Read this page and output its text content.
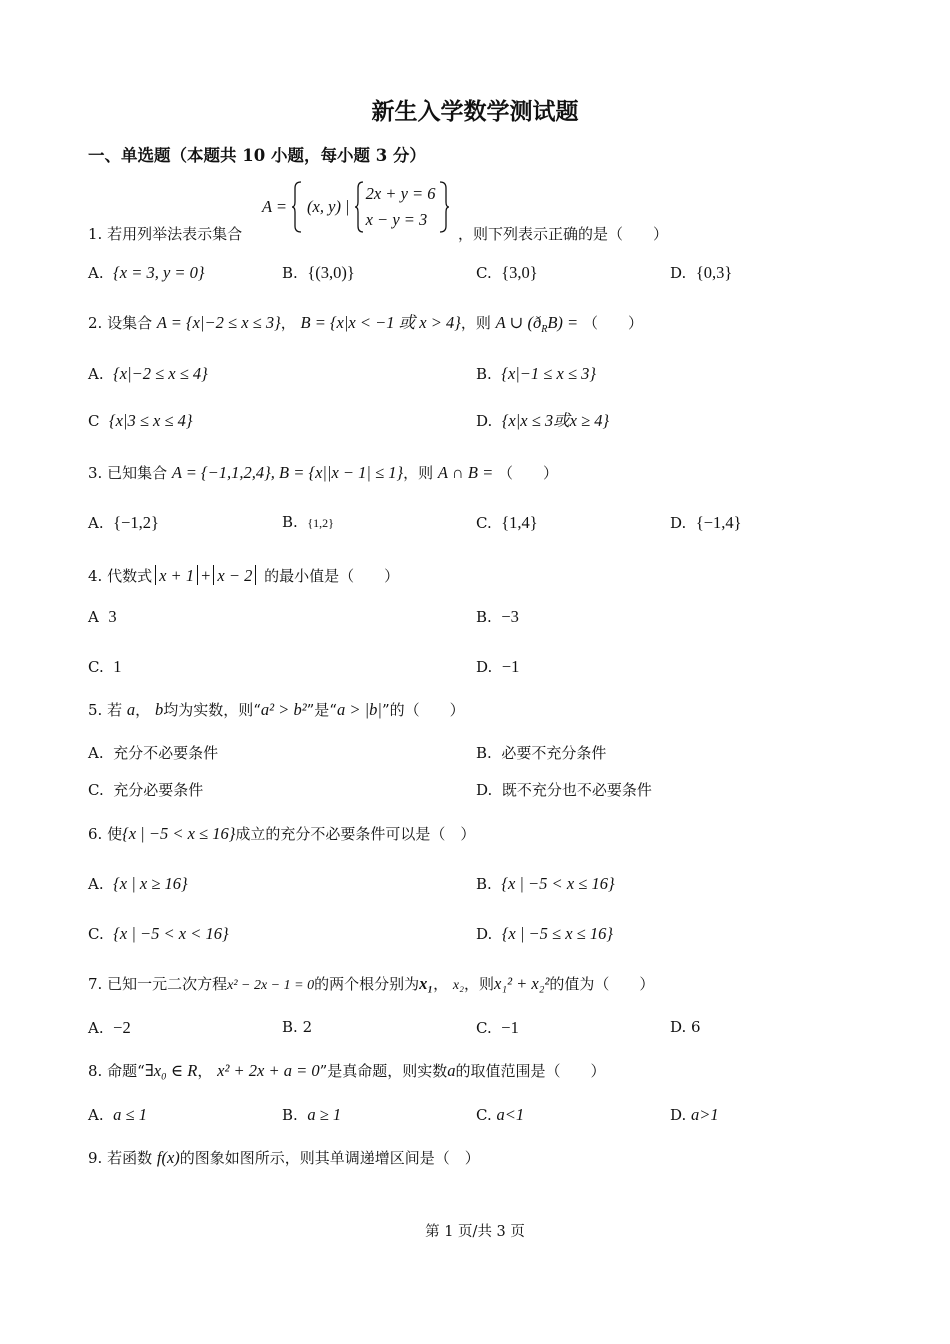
新生入学数学测试题
一、单选题（本题共 10 小题，每小题 3 分）
A = (x, y) |
2x + y = 6
x − y = 3
1. 若用列举法表示集合	，则下列表示正确的是（　　）
A. {x = 3, y = 0}	B. {(3,0)}	C. {3,0}	D. {0,3}
2. 设集合 A = {x|−2 ≤ x ≤ 3}， B = {x|x < −1 或 x > 4}，则 A ∪ $(ð_RB)$ = （　　）
A. {x|−2 ≤ x ≤ 4}	B. {x|−1 ≤ x ≤ 3}
C {x|3 ≤ x ≤ 4}	D. {x|x ≤ 3或x ≥ 4}
3. 已知集合 A = {−1,1,2,4}, B = {x||x − 1| ≤ 1}，则 A ∩ B = （　　）
A. {−1,2}	B. {1,2}	C. {1,4}	D. {−1,4}
4. 代数式 x + 1 + x − 2 的最小值是（　　）
A 3	B. −3
C. 1	D. −1
5. 若 a， b均为实数，则“a² > b²”是“a > |b|”的（　　）
A. 充分不必要条件	B. 必要不充分条件
C. 充分必要条件	D. 既不充分也不必要条件
6. 使{x | −5 < x ≤ 16}成立的充分不必要条件可以是（　）
A. {x | x ≥ 16}	B. {x | −5 < x ≤ 16}
C. {x | −5 < x < 16}	D. {x | −5 ≤ x ≤ 16}
7. 已知一元二次方程x² − 2x − 1 = 0的两个根分别为x₁， x₂，则x₁² + x₂²的值为（　　）
A. −2	B. 2	C. −1	D. 6
8. 命题“∃x₀ ∈ R， x² + 2x + a = 0”是真命题，则实数a的取值范围是（　　）
A. a ≤ 1	B. a ≥ 1	C. a<1	D. a>1
9. 若函数 f(x)的图象如图所示，则其单调递增区间是（　）
第 1 页/共 3 页
